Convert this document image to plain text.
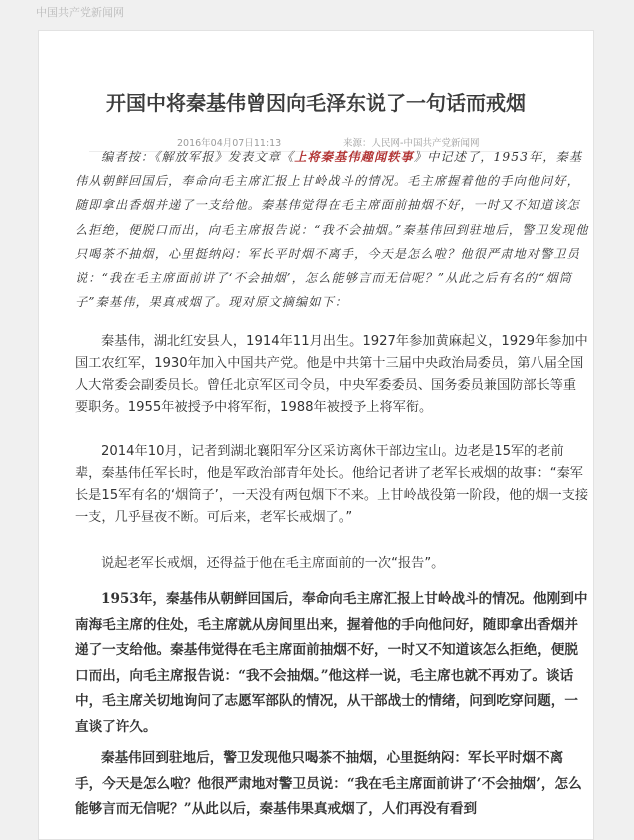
中国共产党新闻网
开国中将秦基伟曾因向毛泽东说了一句话而戒烟
2016年04月07日11:13	来源：人民网-中国共产党新闻网
编者按：《解放军报》发表文章《上将秦基伟趣闻轶事》中记述了，1953年，秦基伟从朝鲜回国后，奉命向毛主席汇报上甘岭战斗的情况。毛主席握着他的手向他问好，随即拿出香烟并递了一支给他。秦基伟觉得在毛主席面前抽烟不好，一时又不知道该怎么拒绝，便脱口而出，向毛主席报告说：“我不会抽烟。”秦基伟回到驻地后，警卫发现他只喝茶不抽烟，心里挺纳闷：军长平时烟不离手，今天是怎么啦？他很严肃地对警卫员说：“我在毛主席面前讲了‘不会抽烟’，怎么能够言而无信呢？”从此之后有名的“烟筒子”秦基伟，果真戒烟了。现对原文摘编如下：
秦基伟，湖北红安县人，1914年11月出生。1927年参加黄麻起义，1929年参加中国工农红军，1930年加入中国共产党。他是中共第十三届中央政治局委员，第八届全国人大常委会副委员长。曾任北京军区司令员，中央军委委员、国务委员兼国防部长等重要职务。1955年被授予中将军衔，1988年被授予上将军衔。
2014年10月，记者到湖北襄阳军分区采访离休干部边宝山。边老是15军的老前辈，秦基伟任军长时，他是军政治部青年处长。他给记者讲了老军长戒烟的故事：“秦军长是15军有名的‘烟筒子’，一天没有两包烟下不来。上甘岭战役第一阶段，他的烟一支接一支，几乎昼夜不断。可后来，老军长戒烟了。”
说起老军长戒烟，还得益于他在毛主席面前的一次“报告”。
1953年，秦基伟从朝鲜回国后，奉命向毛主席汇报上甘岭战斗的情况。他刚到中南海毛主席的住处，毛主席就从房间里出来，握着他的手向他问好，随即拿出香烟并递了一支给他。秦基伟觉得在毛主席面前抽烟不好，一时又不知道该怎么拒绝，便脱口而出，向毛主席报告说：“我不会抽烟。”他这样一说，毛主席也就不再劝了。谈话中，毛主席关切地询问了志愿军部队的情况，从干部战士的情绪，问到吃穿问题，一直谈了许久。
秦基伟回到驻地后，警卫发现他只喝茶不抽烟，心里挺纳闷：军长平时烟不离手，今天是怎么啦？他很严肃地对警卫员说：“我在毛主席面前讲了‘不会抽烟’，怎么能够言而无信呢？”从此以后，秦基伟果真戒烟了，人们再没有看到
